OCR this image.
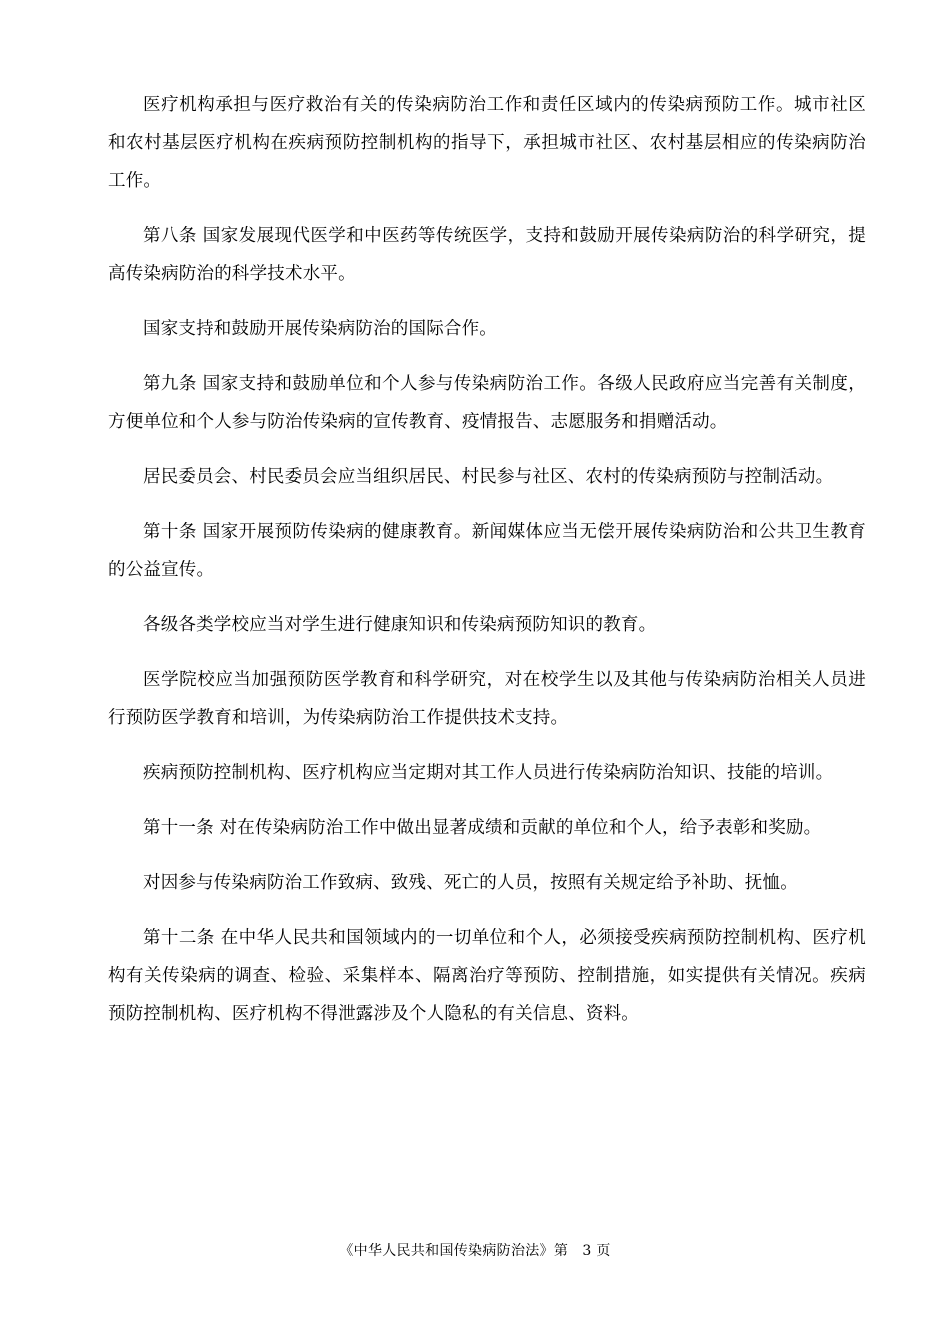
医疗机构承担与医疗救治有关的传染病防治工作和责任区域内的传染病预防工作。城市社区和农村基层医疗机构在疾病预防控制机构的指导下，承担城市社区、农村基层相应的传染病防治工作。

第八条 国家发展现代医学和中医药等传统医学，支持和鼓励开展传染病防治的科学研究，提高传染病防治的科学技术水平。

国家支持和鼓励开展传染病防治的国际合作。

第九条 国家支持和鼓励单位和个人参与传染病防治工作。各级人民政府应当完善有关制度，方便单位和个人参与防治传染病的宣传教育、疫情报告、志愿服务和捐赠活动。

居民委员会、村民委员会应当组织居民、村民参与社区、农村的传染病预防与控制活动。

第十条 国家开展预防传染病的健康教育。新闻媒体应当无偿开展传染病防治和公共卫生教育的公益宣传。

各级各类学校应当对学生进行健康知识和传染病预防知识的教育。

医学院校应当加强预防医学教育和科学研究，对在校学生以及其他与传染病防治相关人员进行预防医学教育和培训，为传染病防治工作提供技术支持。

疾病预防控制机构、医疗机构应当定期对其工作人员进行传染病防治知识、技能的培训。

第十一条 对在传染病防治工作中做出显著成绩和贡献的单位和个人，给予表彰和奖励。

对因参与传染病防治工作致病、致残、死亡的人员，按照有关规定给予补助、抚恤。

第十二条 在中华人民共和国领域内的一切单位和个人，必须接受疾病预防控制机构、医疗机构有关传染病的调查、检验、采集样本、隔离治疗等预防、控制措施，如实提供有关情况。疾病预防控制机构、医疗机构不得泄露涉及个人隐私的有关信息、资料。

《中华人民共和国传染病防治法》第   3 页
